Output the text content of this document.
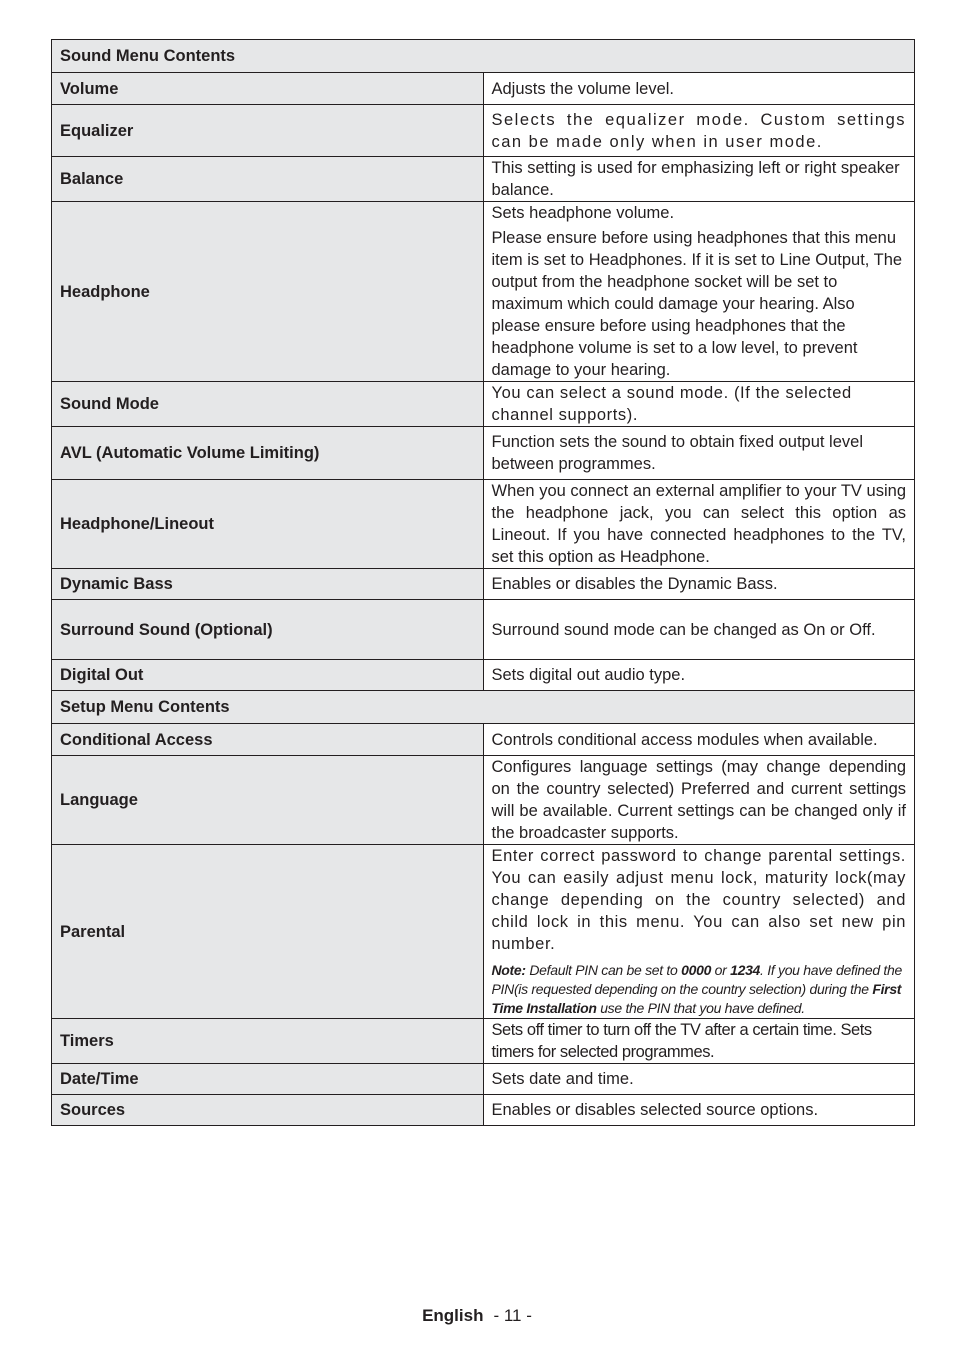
Sound Menu Contents	
Volume	Adjusts the volume level.
Equalizer	Selects the equalizer mode. Custom settings can be made only when in user mode.
Balance	This setting is used for emphasizing left or right speaker balance.
Headphone	Sets headphone volume.

Please ensure before using headphones that this menu item is set to Headphones. If it is set to Line Output, The output from the headphone socket will be set to maximum which could damage your hearing. Also please ensure before using headphones that the headphone volume is set to a low level, to prevent damage to your hearing.

Sound Mode	You can select a sound mode. (If the selected channel supports).
AVL (Automatic Volume Limiting)	Function sets the sound to obtain fixed output level between programmes.
Headphone/Lineout	When you connect an external amplifier to your TV using the headphone jack, you can select this option as Lineout. If you have connected headphones to the TV, set this option as Headphone.
Dynamic Bass	Enables or disables the Dynamic Bass.
Surround Sound (Optional)	Surround sound mode can be changed as On or Off.
Digital Out	Sets digital out audio type.
Setup Menu Contents	
Conditional Access	Controls conditional access modules when available.
Language	Configures language settings (may change depending on the country selected) Preferred and current settings will be available. Current settings can be changed only if the broadcaster supports.
Parental	Enter correct password to change parental settings. You can easily adjust menu lock, maturity lock(may change depending on the country selected) and child lock in this menu. You can also set new pin number.

Note: Default PIN can be set to 0000 or 1234. If you have defined the PIN(is requested depending on the country selection) during the First Time Installation use the PIN that you have defined.

Timers	Sets off timer to turn off the TV after a certain time. Sets timers for selected programmes.
Date/Time	Sets date and time.
Sources	Enables or disables selected source options.
English - 11 -
